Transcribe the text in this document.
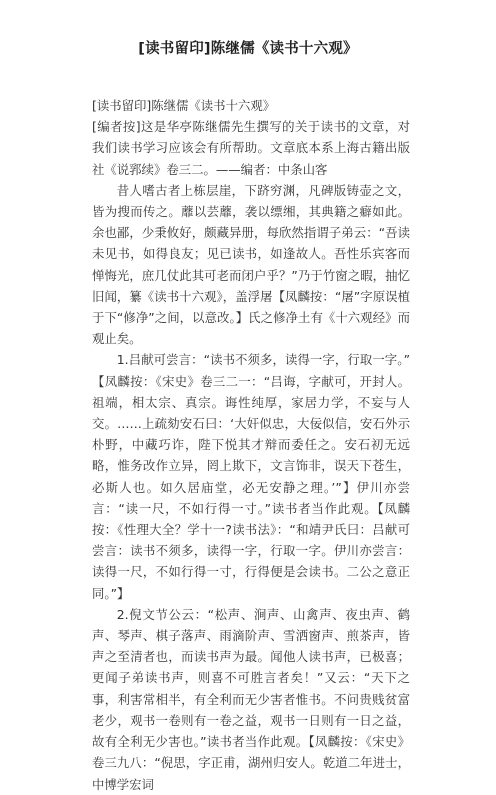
[读书留印]陈继儒《读书十六观》

[读书留印]陈继儒《读书十六观》

[编者按]这是华亭陈继儒先生撰写的关于读书的文章，对我们读书学习应该会有所帮助。文章底本系上海古籍出版社《说郛续》卷三二。——编者：中条山客

昔人嗜古者上栋层崖，下跻穷渊，凡碑版铸壶之文，皆为搜而传之。蘼以芸蘼，袭以缥缃，其典籍之癖如此。余也鄙，少秉攸好，颇藏异册，每欣然指谓子弟云：“吾读未见书，如得良友；见已读书，如逢故人。吾性乐宾客而惮悔光，庶几仗此其可老而闭户乎？”乃于竹窗之暇，抽忆旧闻，纂《读书十六观》，盖浮屠【凤麟按：“屠”字原误植于下“修净”之间，以意改。】氏之修净土有《十六观经》而观止矣。

1.吕献可尝言：“读书不须多，读得一字，行取一字。” 【凤麟按：《宋史》卷三二一：“吕诲，字献可，开封人。祖端，相太宗、真宗。诲性纯厚，家居力学，不妄与人交。……上疏劾安石曰：‘大奸似忠，大佞似信，安石外示朴野，中藏巧诈，陛下悦其才辩而委任之。安石初无远略，惟务改作立异，罔上欺下，文言饰非，误天下苍生，必斯人也。如久居庙堂，必无安静之理。’”】伊川亦尝言：“读一尺，不如行得一寸。”读书者当作此观。【凤麟按：《性理大全？学十一?读书法》：“和靖尹氏曰：吕献可尝言：读书不须多，读得一字，行取一字。伊川亦尝言：读得一尺，不如行得一寸，行得便是会读书。二公之意正同。”】

2.倪文节公云：“松声、涧声、山禽声、夜虫声、鹤声、琴声、棋子落声、雨滴阶声、雪洒窗声、煎茶声，皆声之至清者也，而读书声为最。闻他人读书声，已极喜；更闻子弟读书声，则喜不可胜言者矣！”又云：“天下之事，利害常相半，有全利而无少害者惟书。不问贵贱贫富老少，观书一卷则有一卷之益，观书一日则有一日之益，故有全利无少害也。”读书者当作此观。【凤麟按：《宋史》卷三九八：“倪思，字正甫，湖州归安人。乾道二年进士，中博学宏词
